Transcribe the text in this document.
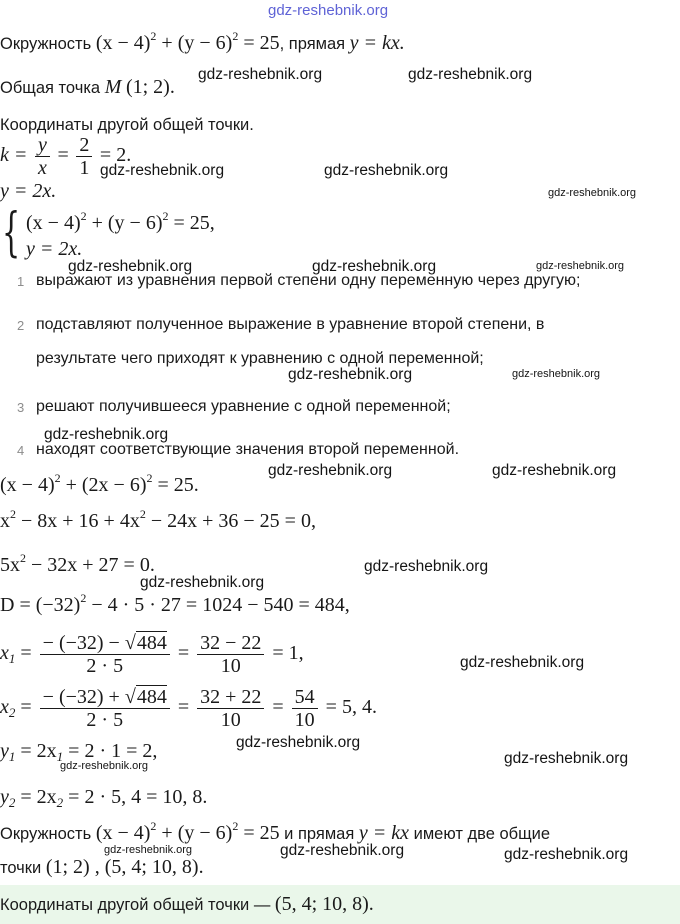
gdz-reshebnik.org
Окружность $(x - 4)^2 + (y - 6)^2 = 25$, прямая y = kx.
Общая точка M (1; 2).
Координаты другой общей точки.
$k = \frac{y}{x} = \frac{2}{1} = 2$.
y = 2x.
{ $(x - 4)^2 + (y - 6)^2 = 25$,
y = 2x.
1 выражают из уравнения первой степени одну переменную через другую;
2 подставляют полученное выражение в уравнение второй степени, в
результате чего приходят к уравнению с одной переменной;
3 решают получившееся уравнение с одной переменной;
4 находят соответствующие значения второй переменной.
$(x - 4)^2 + (2x - 6)^2 = 25$.
$x^2 - 8x + 16 + 4x^2 - 24x + 36 - 25 = 0$,
$5x^2 - 32x + 27 = 0$.
$D = (-32)^2 - 4 \cdot 5 \cdot 27 = 1024 - 540 = 484$,
$x_1 = \frac{- (-32) - √484}{2 \cdot 5} = \frac{32 - 22}{10} = 1$,
$x_2 = \frac{- (-32) + √484}{2 \cdot 5} = \frac{32 + 22}{10} = \frac{54}{10} = 5$, 4.
$y_1 = 2x_1 = 2 \cdot 1 = 2$,
$y_2 = 2x_2 = 2 \cdot 5$, 4 = 10, 8.
Окружность $(x - 4)^2 + (y - 6)^2 = 25$ и прямая y = kx имеют две общие
точки (1; 2) , (5, 4; 10, 8).
Координаты другой общей точки — (5, 4; 10, 8).
gdz-reshebnik.org	gdz-reshebnik.org
gdz-reshebnik.org	gdz-reshebnik.org
gdz-reshebnik.org
gdz-reshebnik.org	gdz-reshebnik.org	gdz-reshebnik.org
gdz-reshebnik.org	gdz-reshebnik.org
gdz-reshebnik.org
gdz-reshebnik.org	gdz-reshebnik.org
gdz-reshebnik.org
gdz-reshebnik.org
gdz-reshebnik.org
gdz-reshebnik.org
gdz-reshebnik.org
gdz-reshebnik.org
gdz-reshebnik.org	gdz-reshebnik.org	gdz-reshebnik.org
